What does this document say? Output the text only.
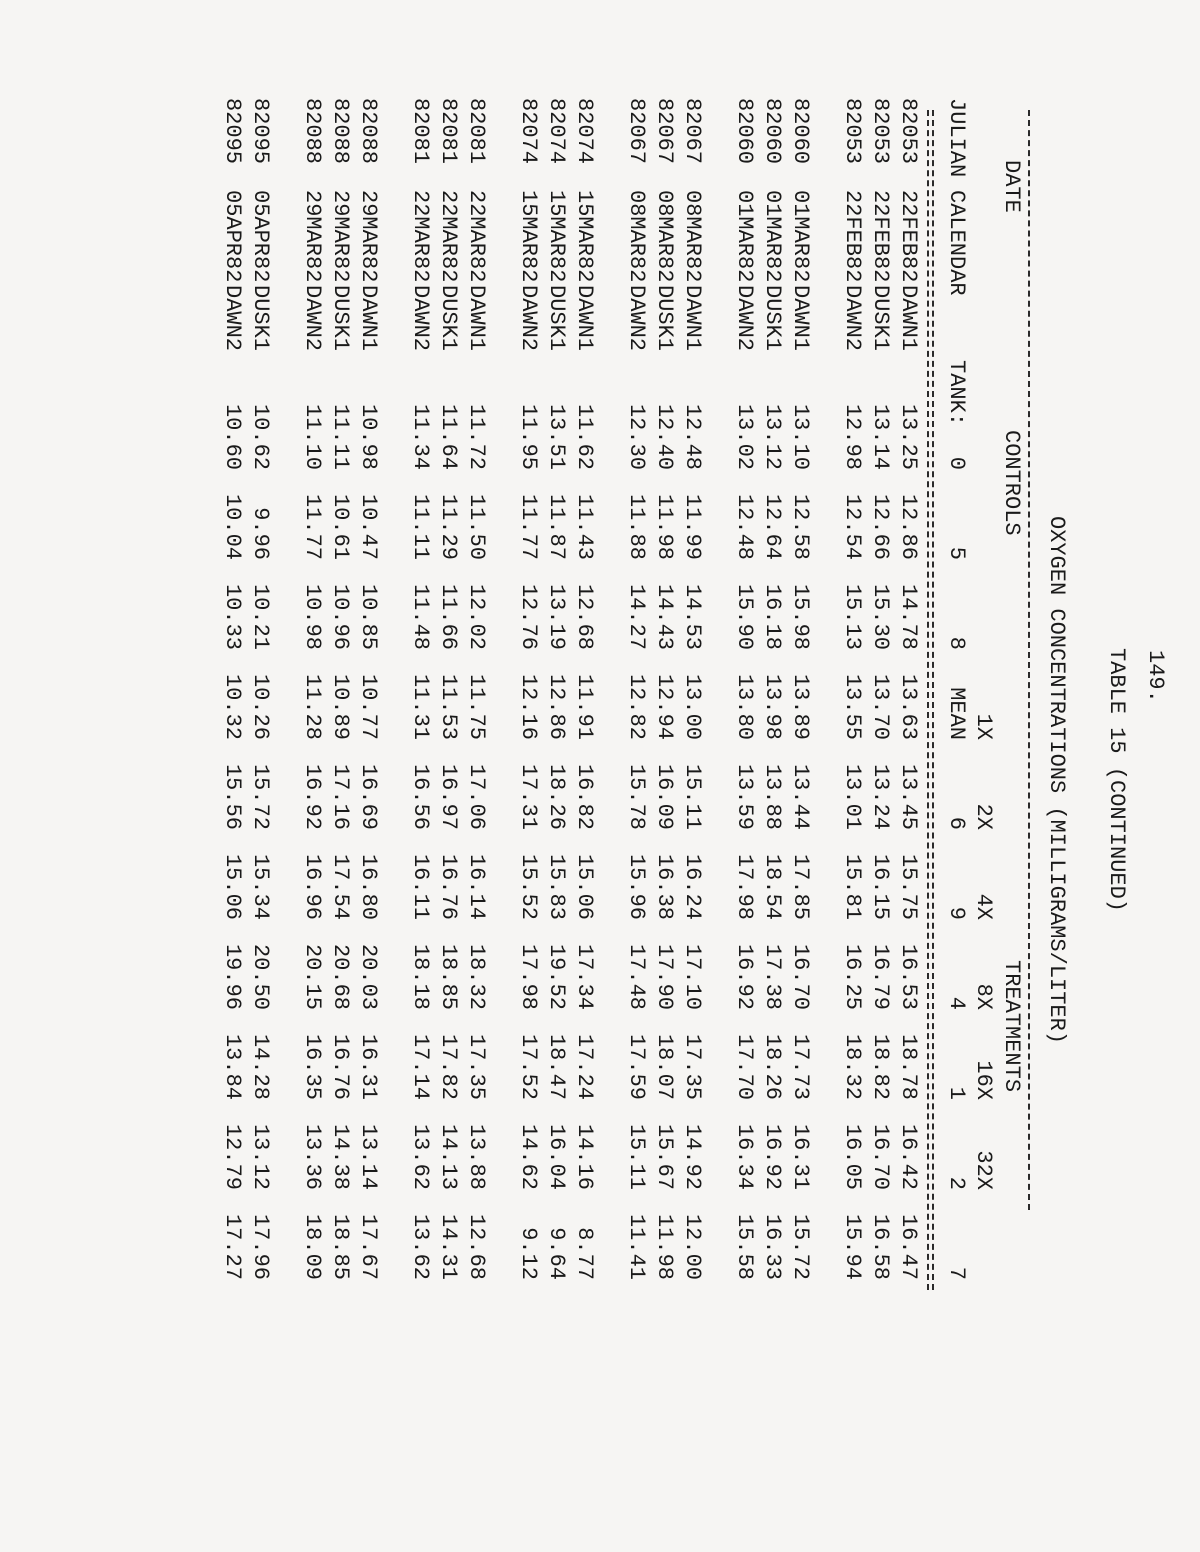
149.
TABLE 15 (CONTINUED)
OXYGEN CONCENTRATIONS (MILLIGRAMS/LITER)

DATE

CONTROLS

TREATMENTS

1X

2X

4X

8X

16X

32X

JULIAN

CALENDAR

TANK:

0

5

8

MEAN

6

9

4

1

2

7

82053
22FEB82
DAWN1
13.25
12.86
14.78
13.63
13.45
15.75
16.53
18.78
16.42
16.47
82053
22FEB82
DUSK1
13.14
12.66
15.30
13.70
13.24
16.15
16.79
18.82
16.70
16.58
82053
22FEB82
DAWN2
12.98
12.54
15.13
13.55
13.01
15.81
16.25
18.32
16.05
15.94
82060
01MAR82
DAWN1
13.10
12.58
15.98
13.89
13.44
17.85
16.70
17.73
16.31
15.72
82060
01MAR82
DUSK1
13.12
12.64
16.18
13.98
13.88
18.54
17.38
18.26
16.92
16.33
82060
01MAR82
DAWN2
13.02
12.48
15.90
13.80
13.59
17.98
16.92
17.70
16.34
15.58
82067
08MAR82
DAWN1
12.48
11.99
14.53
13.00
15.11
16.24
17.10
17.35
14.92
12.00
82067
08MAR82
DUSK1
12.40
11.98
14.43
12.94
16.09
16.38
17.90
18.07
15.67
11.98
82067
08MAR82
DAWN2
12.30
11.88
14.27
12.82
15.78
15.96
17.48
17.59
15.11
11.41
82074
15MAR82
DAWN1
11.62
11.43
12.68
11.91
16.82
15.06
17.34
17.24
14.16
8.77
82074
15MAR82
DUSK1
13.51
11.87
13.19
12.86
18.26
15.83
19.52
18.47
16.04
9.64
82074
15MAR82
DAWN2
11.95
11.77
12.76
12.16
17.31
15.52
17.98
17.52
14.62
9.12
82081
22MAR82
DAWN1
11.72
11.50
12.02
11.75
17.06
16.14
18.32
17.35
13.88
12.68
82081
22MAR82
DUSK1
11.64
11.29
11.66
11.53
16.97
16.76
18.85
17.82
14.13
14.31
82081
22MAR82
DAWN2
11.34
11.11
11.48
11.31
16.56
16.11
18.18
17.14
13.62
13.62
82088
29MAR82
DAWN1
10.98
10.47
10.85
10.77
16.69
16.80
20.03
16.31
13.14
17.67
82088
29MAR82
DUSK1
11.11
10.61
10.96
10.89
17.16
17.54
20.68
16.76
14.38
18.85
82088
29MAR82
DAWN2
11.10
11.77
10.98
11.28
16.92
16.96
20.15
16.35
13.36
18.09
82095
05APR82
DUSK1
10.62
9.96
10.21
10.26
15.72
15.34
20.50
14.28
13.12
17.96
82095
05APR82
DAWN2
10.60
10.04
10.33
10.32
15.56
15.06
19.96
13.84
12.79
17.27
